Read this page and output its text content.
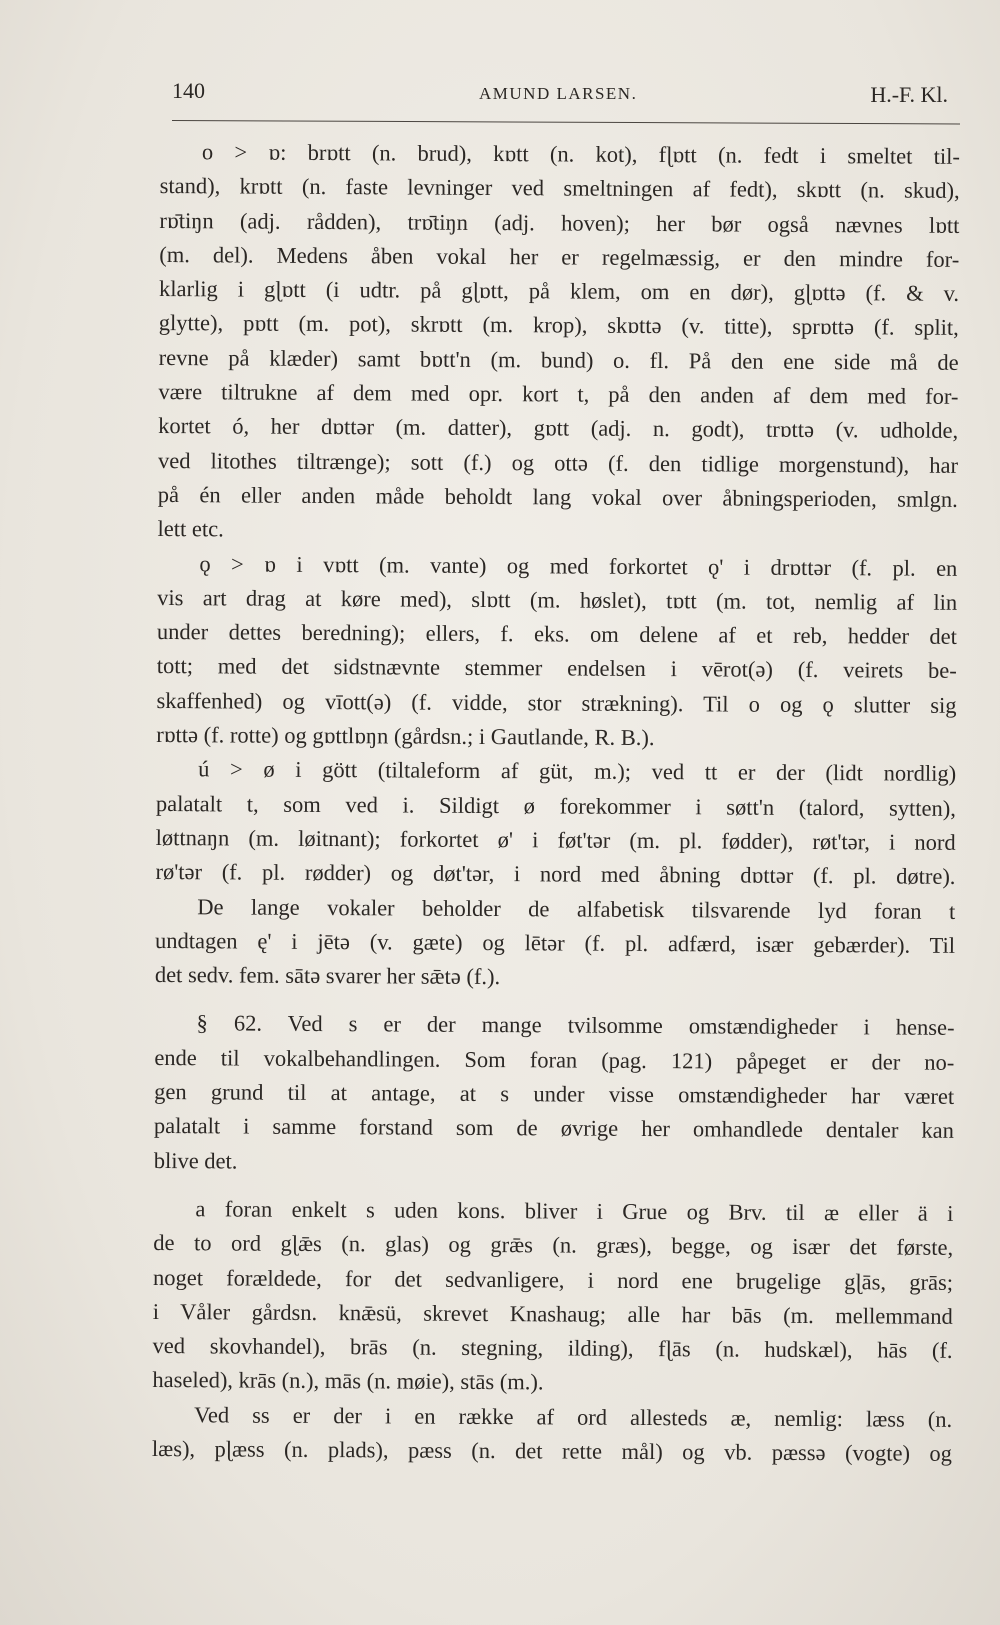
140	AMUND LARSEN.	H.-F. Kl.
o > ɒ: brɒtt (n. brud), kɒtt (n. kot), fɭɒtt (n. fedt i smeltet til-
stand), krɒtt (n. faste levninger ved smeltningen af fedt), skɒtt (n. skud),
rɒ̄tiŋn (adj. rådden), trɒ̄tiŋn (adj. hoven); her bør også nævnes lɒtt
(m. del). Medens åben vokal her er regelmæssig, er den mindre for-
klarlig i gɭɒtt (i udtr. på gɭɒtt, på klem, om en dør), gɭɒttə (f. & v.
glytte), pɒtt (m. pot), skrɒtt (m. krop), skɒttə (v. titte), sprɒttə (f. split,
revne på klæder) samt bɒtt'n (m. bund) o. fl. På den ene side må de
være tiltrukne af dem med opr. kort t, på den anden af dem med for-
kortet ó, her dɒttər (m. datter), gɒtt (adj. n. godt), trɒttə (v. udholde,
ved litothes tiltrænge); sott (f.) og ottə (f. den tidlige morgenstund), har
på én eller anden måde beholdt lang vokal over åbningsperioden, smlgn.
lett etc.
ǫ > ɒ i vɒtt (m. vante) og med forkortet ǫ' i drɒttər (f. pl. en
vis art drag at køre med), slɒtt (m. høslet), tɒtt (m. tot, nemlig af lin
under dettes beredning); ellers, f. eks. om delene af et reb, hedder det
tott; med det sidstnævnte stemmer endelsen i vērot(ə) (f. veirets be-
skaffenhed) og vīott(ə) (f. vidde, stor strækning). Til o og ǫ slutter sig
rɒttə (f. rotte) og gɒttlɒŋn (gårdsn.; i Gautlande, R. B.).
ú > ø i gött (tiltaleform af güt, m.); ved tt er der (lidt nordlig)
palatalt t, som ved i. Sildigt ø forekommer i søtt'n (talord, sytten),
løttnaŋn (m. løitnant); forkortet ø' i føt'tər (m. pl. fødder), røt'tər, i nord
rø'tər (f. pl. rødder) og døt'tər, i nord med åbning dɒttər (f. pl. døtre).
De lange vokaler beholder de alfabetisk tilsvarende lyd foran t
undtagen ę' i jētə (v. gæte) og lētər (f. pl. adfærd, især gebærder). Til
det sedv. fem. sātə svarer her sǣtə (f.).
§ 62. Ved s er der mange tvilsomme omstændigheder i hense-
ende til vokalbehandlingen. Som foran (pag. 121) påpeget er der no-
gen grund til at antage, at s under visse omstændigheder har været
palatalt i samme forstand som de øvrige her omhandlede dentaler kan
blive det.
a foran enkelt s uden kons. bliver i Grue og Brv. til æ eller ä i
de to ord gɭǣs (n. glas) og grǣs (n. græs), begge, og især det første,
noget forældede, for det sedvanligere, i nord ene brugelige gɭās, grās;
i Våler gårdsn. knǣsü, skrevet Knashaug; alle har bās (m. mellemmand
ved skovhandel), brās (n. stegning, ilding), fɭās (n. hudskæl), hās (f.
haseled), krās (n.), mās (n. møie), stās (m.).
Ved ss er der i en række af ord allesteds æ, nemlig: læss (n.
læs), pɭæss (n. plads), pæss (n. det rette mål) og vb. pæssə (vogte) og
